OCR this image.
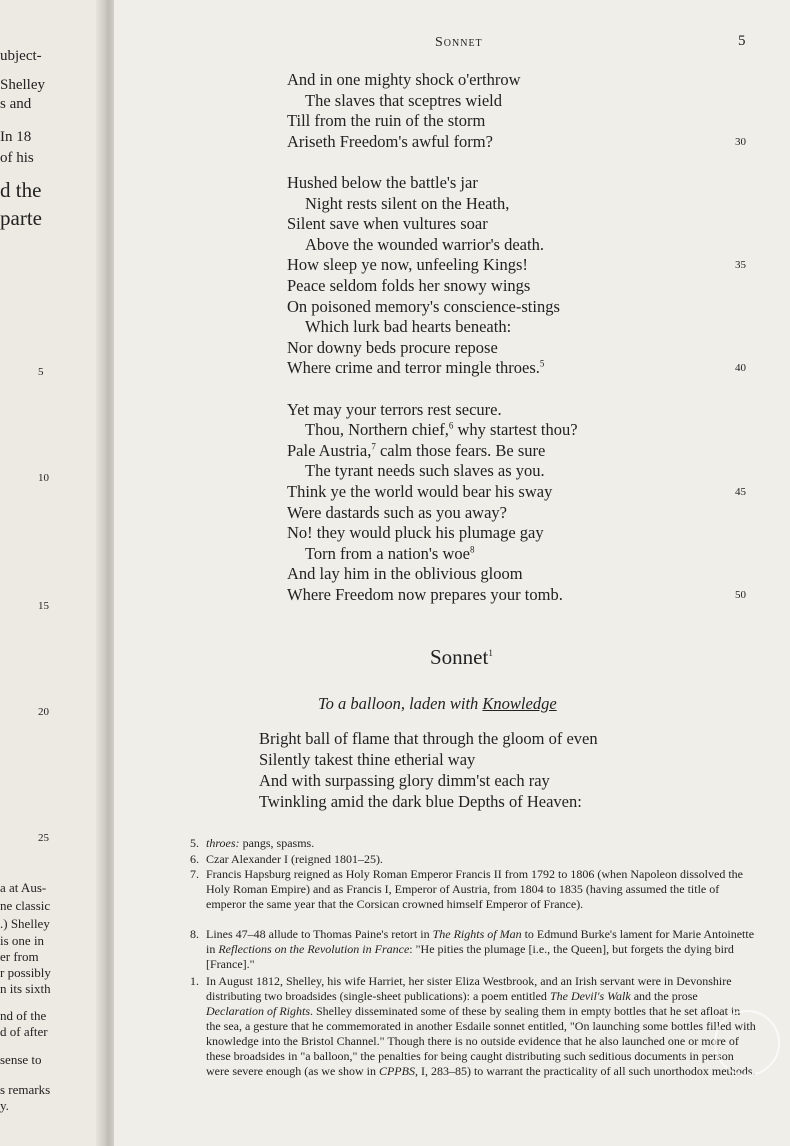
ubject-
Shelley
s and
In 18
of his
d the
parte
a at Aus-
ne classic
.) Shelley
is one in
er from
r possibly
n its sixth
nd of the
d of after
sense to
s remarks
y.
5
10
15
20
25
Sonnet	5
And in one mighty shock o'erthrow
The slaves that sceptres wield
Till from the ruin of the storm
Ariseth Freedom's awful form?	30
Hushed below the battle's jar
Night rests silent on the Heath,
Silent save when vultures soar
Above the wounded warrior's death.
How sleep ye now, unfeeling Kings!	35
Peace seldom folds her snowy wings
On poisoned memory's conscience-stings
Which lurk bad hearts beneath:
Nor downy beds procure repose
Where crime and terror mingle throes.$^5$	40
Yet may your terrors rest secure.
Thou, Northern chief,$^6$ why startest thou?
Pale Austria,$^7$ calm those fears. Be sure
The tyrant needs such slaves as you.
Think ye the world would bear his sway	45
Were dastards such as you away?
No! they would pluck his plumage gay
Torn from a nation's woe$^8$
And lay him in the oblivious gloom
Where Freedom now prepares your tomb.	50
Sonnet$^1$
To a balloon, laden with Knowledge
Bright ball of flame that through the gloom of even
Silently takest thine etherial way
And with surpassing glory dimm'st each ray
Twinkling amid the dark blue Depths of Heaven:
5. throes: pangs, spasms.
6. Czar Alexander I (reigned 1801–25).
7. Francis Hapsburg reigned as Holy Roman Emperor Francis II from 1792 to 1806 (when Napoleon dissolved the Holy Roman Empire) and as Francis I, Emperor of Austria, from 1804 to 1835 (having assumed the title of emperor the same year that the Corsican crowned himself Emperor of France).
8. Lines 47–48 allude to Thomas Paine's retort in The Rights of Man to Edmund Burke's lament for Marie Antoinette in Reflections on the Revolution in France: "He pities the plumage [i.e., the Queen], but forgets the dying bird [France]."
1. In August 1812, Shelley, his wife Harriet, her sister Eliza Westbrook, and an Irish servant were in Devonshire distributing two broadsides (single-sheet publications): a poem entitled The Devil's Walk and the prose Declaration of Rights. Shelley disseminated some of these by sealing them in empty bottles that he set afloat in the sea, a gesture that he commemorated in another Esdaile sonnet entitled, "On launching some bottles filled with knowledge into the Bristol Channel." Though there is no outside evidence that he also launched one or more of these broadsides in "a balloon," the penalties for being caught distributing such seditious documents in person were severe enough (as we show in CPPBS, I, 283–85) to warrant the practicality of all such unorthodox methods.
